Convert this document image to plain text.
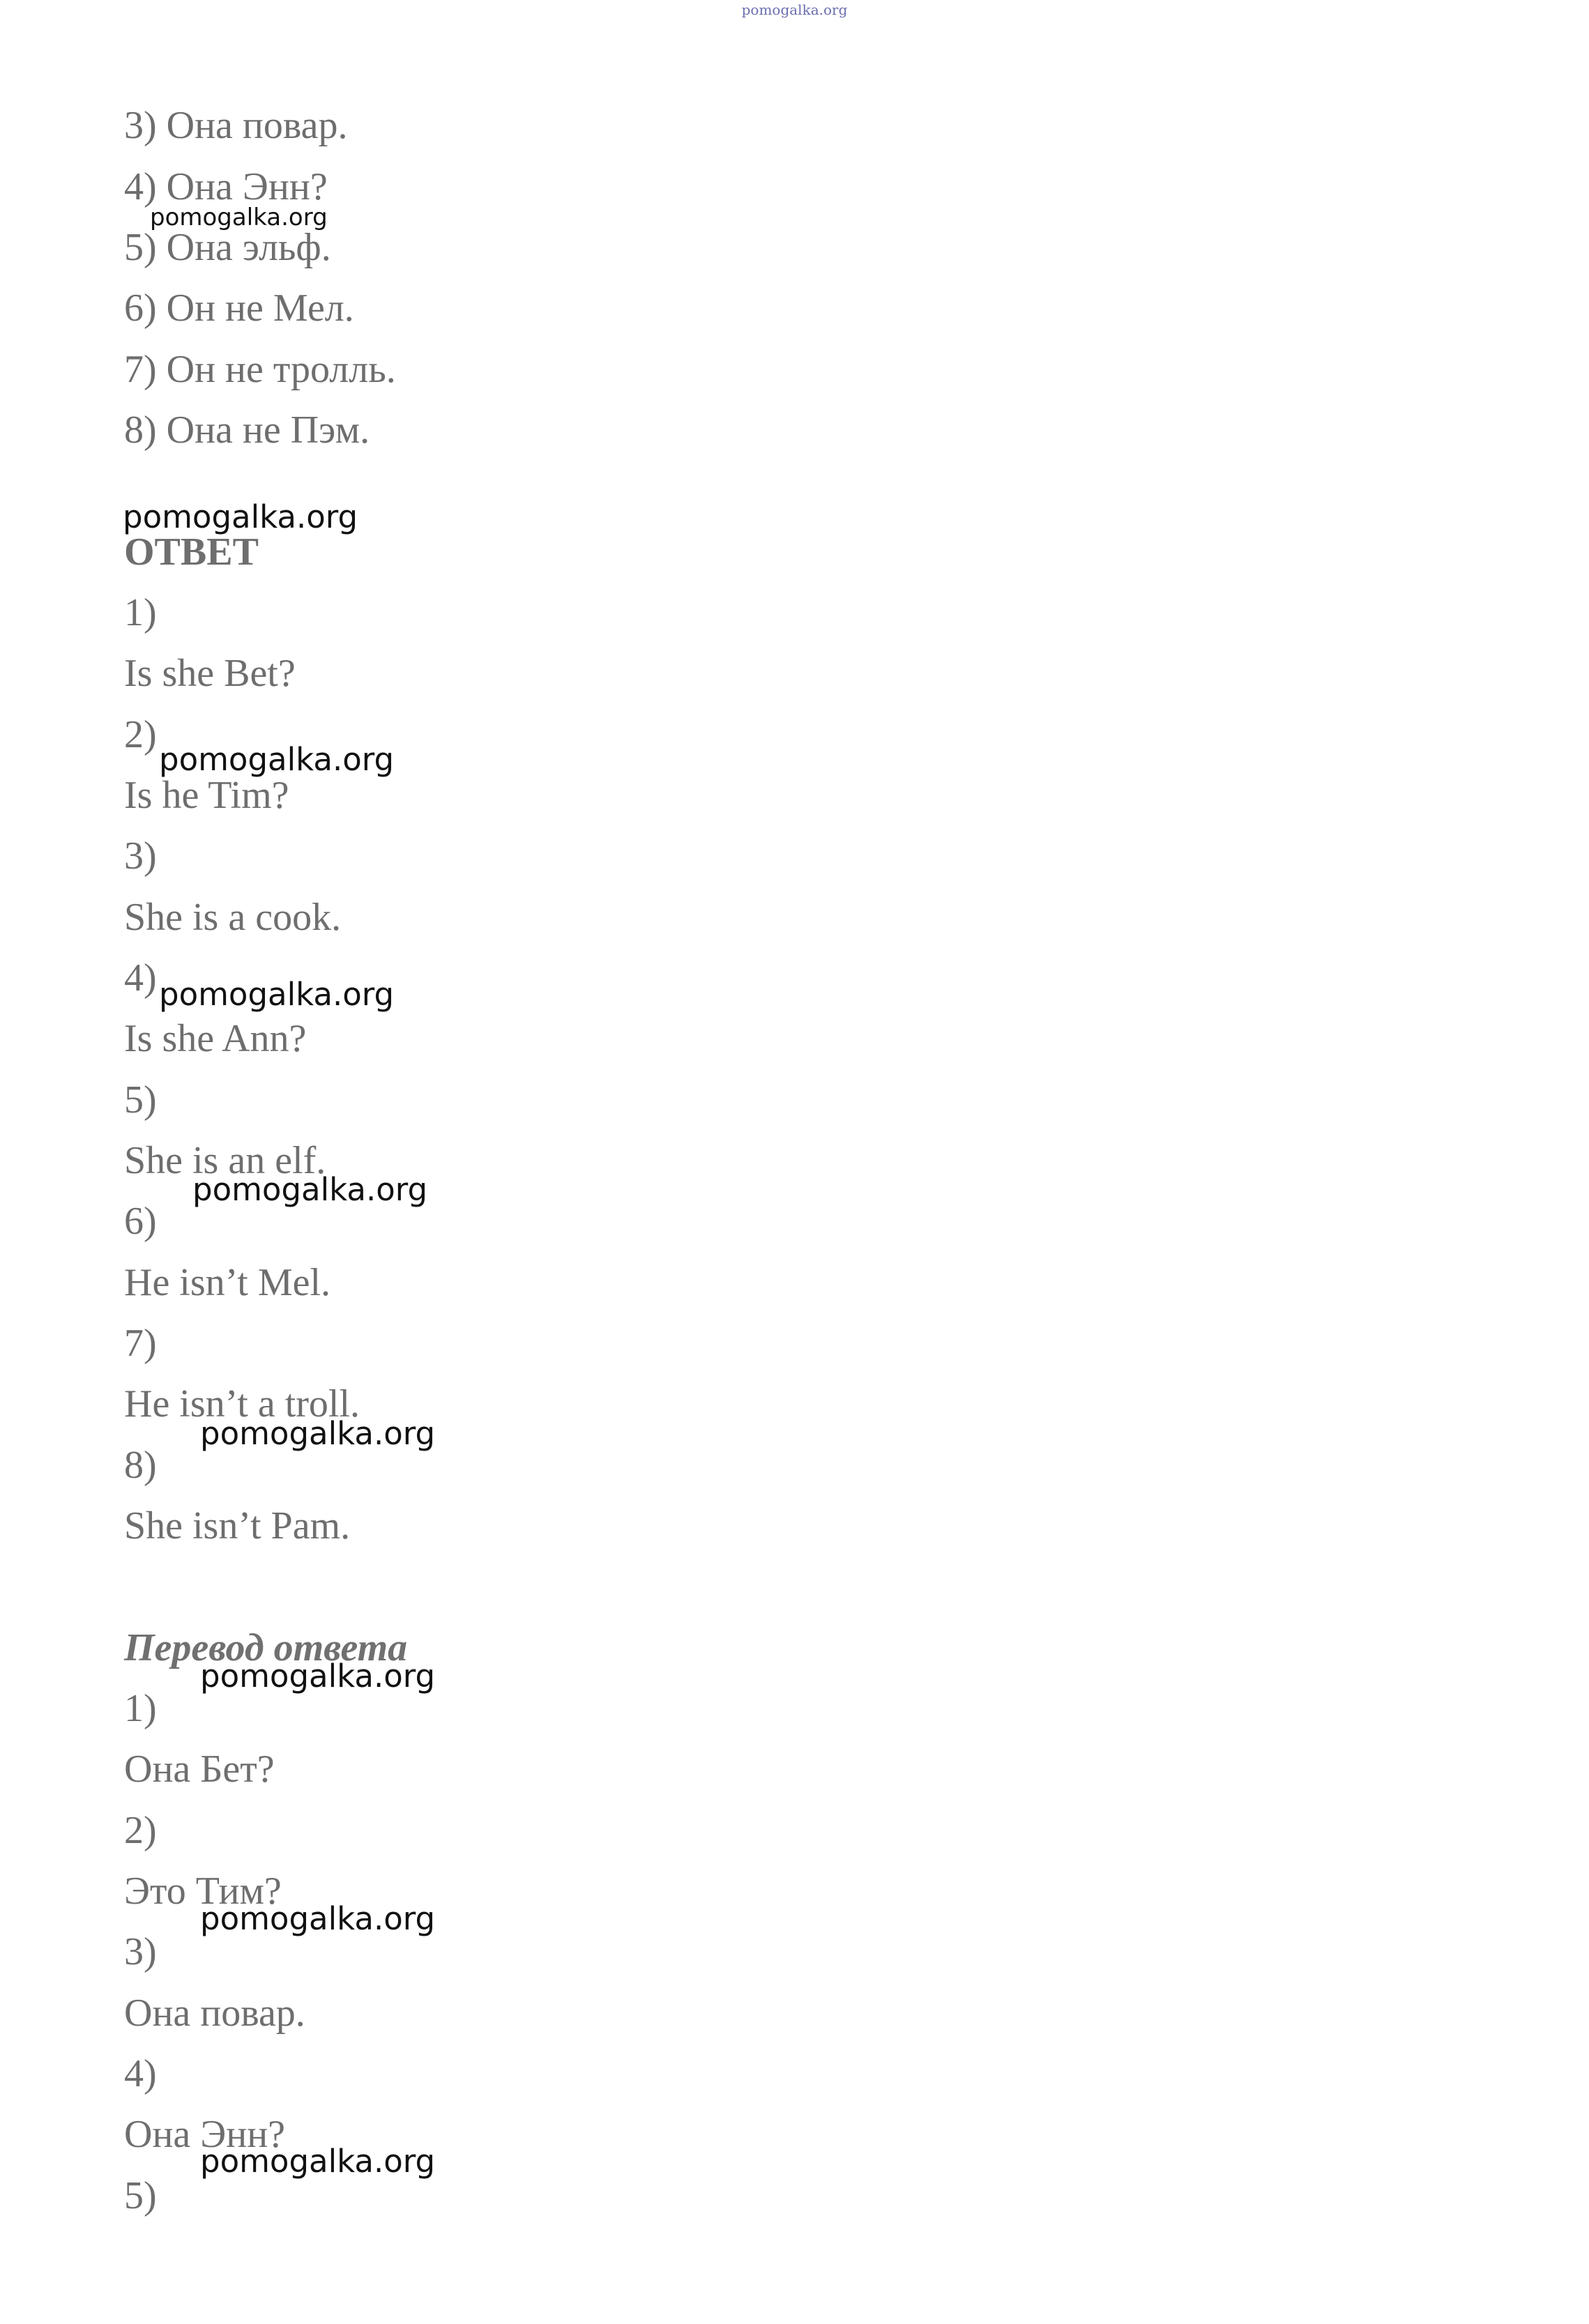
pomogalka.org
3) Она повар.
4) Она Энн?
5) Она эльф.
6) Он не Мел.
7) Он не тролль.
8) Она не Пэм.
ОТВЕТ
1)
Is she Bet?
2)
Is he Tim?
3)
She is a cook.
4)
Is she Ann?
5)
She is an elf.
6)
He isn’t Mel.
7)
He isn’t a troll.
8)
She isn’t Pam.
Перевод ответа
1)
Она Бет?
2)
Это Тим?
3)
Она повар.
4)
Она Энн?
5)
pomogalka.org
pomogalka.org
pomogalka.org
pomogalka.org
pomogalka.org
pomogalka.org
pomogalka.org
pomogalka.org
pomogalka.org
